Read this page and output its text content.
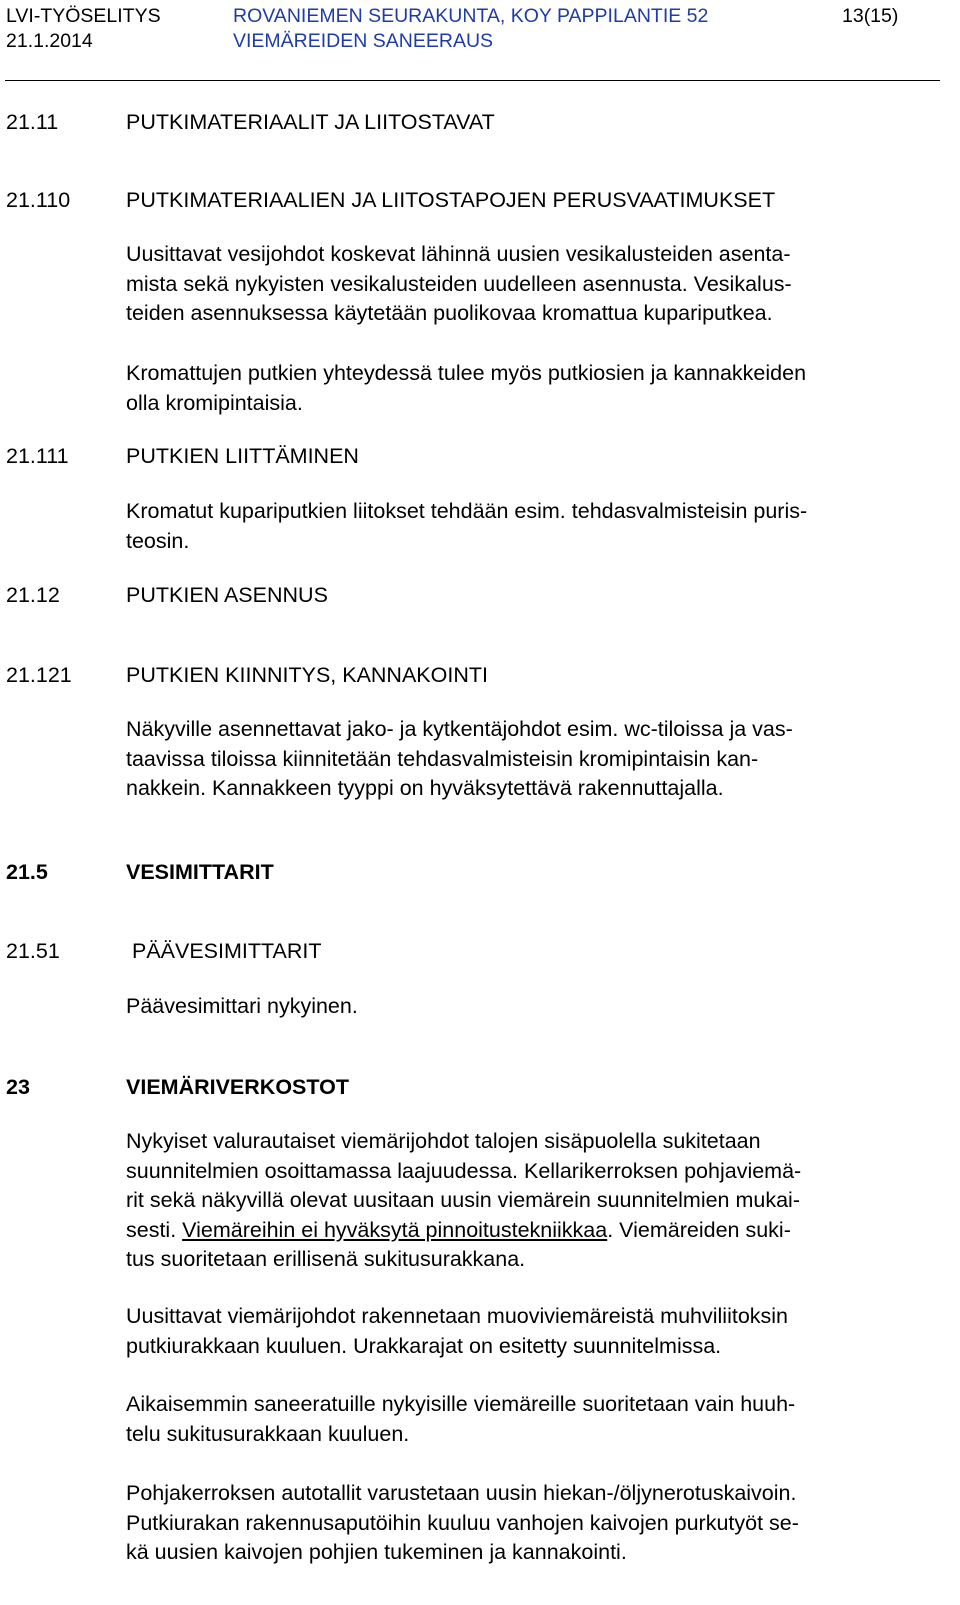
LVI-TYÖSELITYS
21.1.2014
ROVANIEMEN SEURAKUNTA, KOY PAPPILANTIE 52
VIEMÄREIDEN SANEERAUS
13(15)
21.11	PUTKIMATERIAALIT JA LIITOSTAVAT
21.110	PUTKIMATERIAALIEN JA LIITOSTAPOJEN PERUSVAATIMUKSET
Uusittavat vesijohdot koskevat lähinnä uusien vesikalusteiden asenta-
mista sekä nykyisten vesikalusteiden uudelleen asennusta. Vesikalus-
teiden asennuksessa käytetään puolikovaa kromattua kupariputkea.
Kromattujen putkien yhteydessä tulee myös putkiosien ja kannakkeiden
olla kromipintaisia.
21.111	PUTKIEN LIITTÄMINEN
Kromatut kupariputkien liitokset tehdään esim. tehdasvalmisteisin puris-
teosin.
21.12	PUTKIEN ASENNUS
21.121	PUTKIEN KIINNITYS, KANNAKOINTI
Näkyville asennettavat jako- ja kytkentäjohdot esim. wc-tiloissa ja vas-
taavissa tiloissa kiinnitetään tehdasvalmisteisin kromipintaisin kan-
nakkein. Kannakkeen tyyppi on hyväksytettävä rakennuttajalla.
21.5	VESIMITTARIT
21.51	PÄÄVESIMITTARIT
Päävesimittari nykyinen.
23	VIEMÄRIVERKOSTOT
Nykyiset valurautaiset viemärijohdot talojen sisäpuolella sukitetaan
suunnitelmien osoittamassa laajuudessa. Kellarikerroksen pohjaviemä-
rit sekä näkyvillä olevat uusitaan uusin viemärein suunnitelmien mukai-
sesti. Viemäreihin ei hyväksytä pinnoitustekniikkaa. Viemäreiden suki-
tus suoritetaan erillisenä sukitusurakkana.
Uusittavat viemärijohdot rakennetaan muoviviemäreistä muhviliitoksin
putkiurakkaan kuuluen. Urakkarajat on esitetty suunnitelmissa.
Aikaisemmin saneeratuille nykyisille viemäreille suoritetaan vain huuh-
telu sukitusurakkaan kuuluen.
Pohjakerroksen autotallit varustetaan uusin hiekan-/öljynerotuskaivoin.
Putkiurakan rakennusaputöihin kuuluu vanhojen kaivojen purkutyöt se-
kä uusien kaivojen pohjien tukeminen ja kannakointi.
